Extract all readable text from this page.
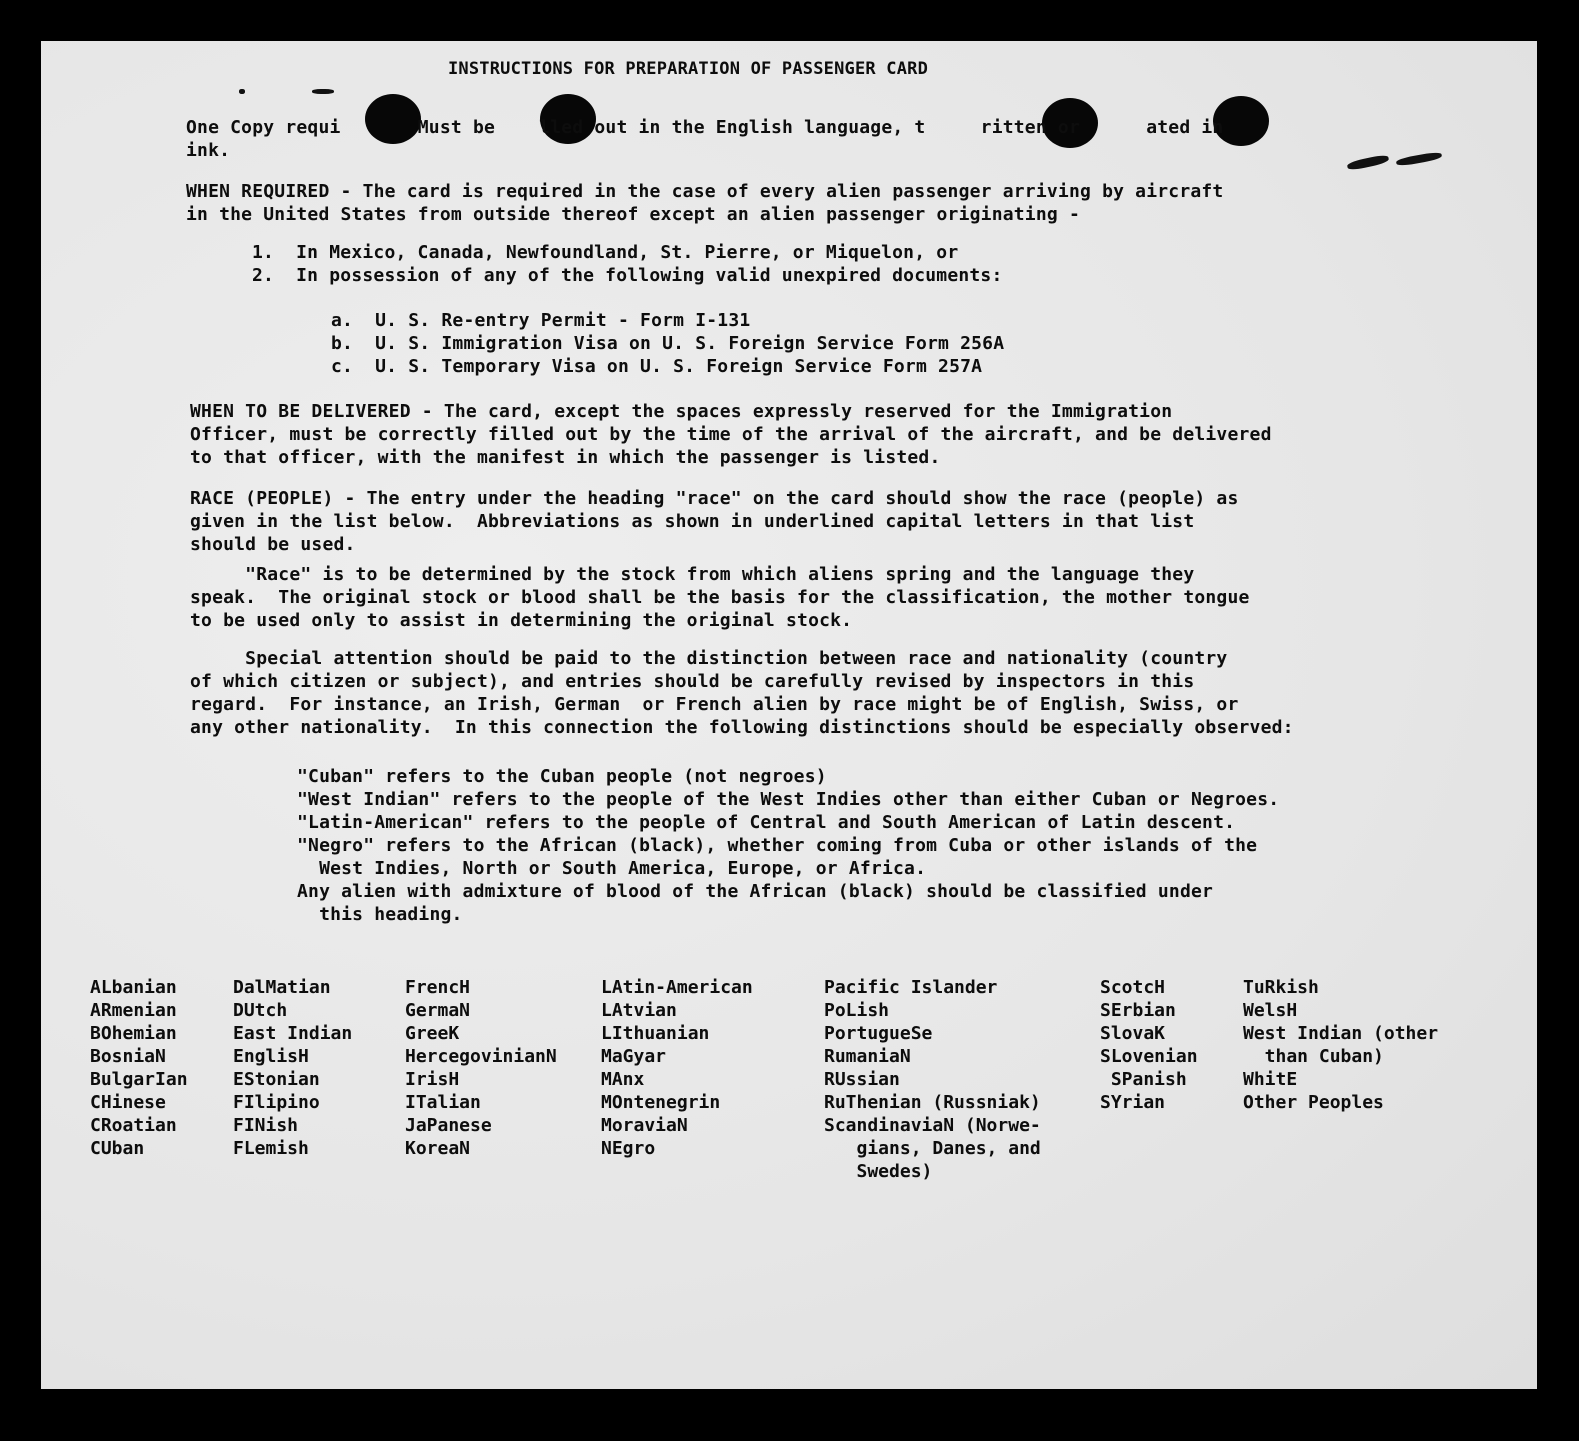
INSTRUCTIONS FOR PREPARATION OF PASSENGER CARD

One Copy requi       Must be    lled out in the English language, t     ritten or      ated in
ink.

WHEN REQUIRED - The card is required in the case of every alien passenger arriving by aircraft
in the United States from outside thereof except an alien passenger originating -

1.  In Mexico, Canada, Newfoundland, St. Pierre, or Miquelon, or
2.  In possession of any of the following valid unexpired documents:

a.  U. S. Re-entry Permit - Form I-131
b.  U. S. Immigration Visa on U. S. Foreign Service Form 256A
c.  U. S. Temporary Visa on U. S. Foreign Service Form 257A

WHEN TO BE DELIVERED - The card, except the spaces expressly reserved for the Immigration
Officer, must be correctly filled out by the time of the arrival of the aircraft, and be delivered
to that officer, with the manifest in which the passenger is listed.

RACE (PEOPLE) - The entry under the heading "race" on the card should show the race (people) as
given in the list below.  Abbreviations as shown in underlined capital letters in that list
should be used.

"Race" is to be determined by the stock from which aliens spring and the language they
speak.  The original stock or blood shall be the basis for the classification, the mother tongue
to be used only to assist in determining the original stock.

Special attention should be paid to the distinction between race and nationality (country
of which citizen or subject), and entries should be carefully revised by inspectors in this
regard.  For instance, an Irish, German  or French alien by race might be of English, Swiss, or
any other nationality.  In this connection the following distinctions should be especially observed:

"Cuban" refers to the Cuban people (not negroes)
"West Indian" refers to the people of the West Indies other than either Cuban or Negroes.
"Latin-American" refers to the people of Central and South American of Latin descent.
"Negro" refers to the African (black), whether coming from Cuba or other islands of the
West Indies, North or South America, Europe, or Africa.
Any alien with admixture of blood of the African (black) should be classified under
this heading.

ALbanian
ARmenian
BOhemian
BosniaN
BulgarIan
CHinese
CRoatian
CUban
DalMatian
DUtch
East Indian
EnglisH
EStonian
FIlipino
FINish
FLemish
FrencH
GermaN
GreeK
HercegovinianN
IrisH
ITalian
JaPanese
KoreaN
LAtin-American
LAtvian
LIthuanian
MaGyar
MAnx
MOntenegrin
MoraviaN
NEgro
Pacific Islander
PoLish
PortugueSe
RumaniaN
RUssian
RuThenian (Russniak)
ScandinaviaN (Norwe-
gians, Danes, and
Swedes)
ScotcH
SErbian
SlovaK
SLovenian
SPanish
SYrian
TuRkish
WelsH
West Indian (other
than Cuban)
WhitE
Other Peoples
